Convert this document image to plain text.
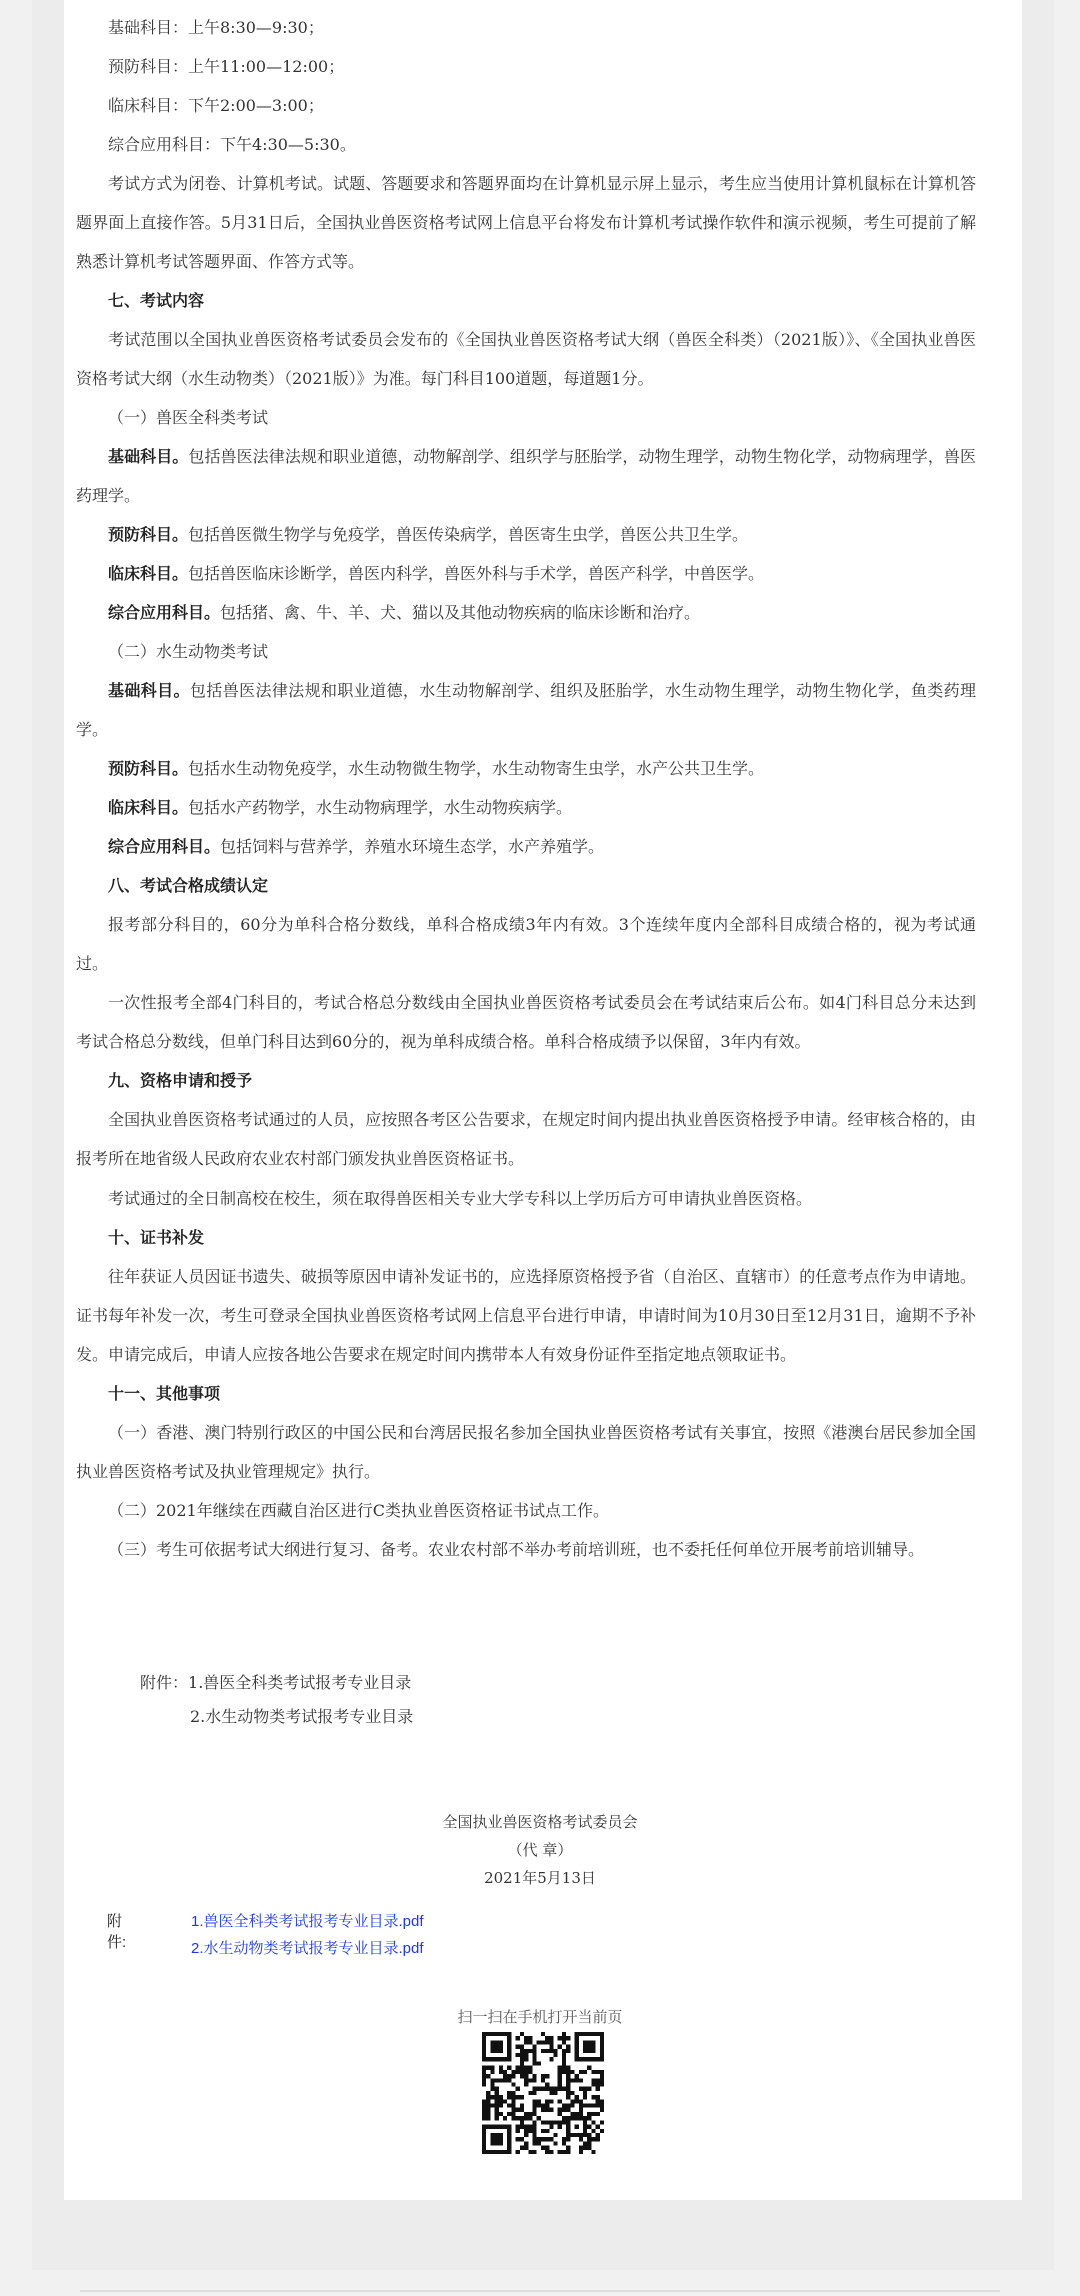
基础科目：上午8:30—9:30；

预防科目：上午11:00—12:00；

临床科目：下午2:00—3:00；

综合应用科目：下午4:30—5:30。

考试方式为闭卷、计算机考试。试题、答题要求和答题界面均在计算机显示屏上显示，考生应当使用计算机鼠标在计算机答题界面上直接作答。5月31日后，全国执业兽医资格考试网上信息平台将发布计算机考试操作软件和演示视频，考生可提前了解熟悉计算机考试答题界面、作答方式等。

七、考试内容

考试范围以全国执业兽医资格考试委员会发布的《全国执业兽医资格考试大纲（兽医全科类）（2021版）》、《全国执业兽医资格考试大纲（水生动物类）（2021版）》为准。每门科目100道题，每道题1分。

（一）兽医全科类考试

基础科目。包括兽医法律法规和职业道德，动物解剖学、组织学与胚胎学，动物生理学，动物生物化学，动物病理学，兽医药理学。

预防科目。包括兽医微生物学与免疫学，兽医传染病学，兽医寄生虫学，兽医公共卫生学。

临床科目。包括兽医临床诊断学，兽医内科学，兽医外科与手术学，兽医产科学，中兽医学。

综合应用科目。包括猪、禽、牛、羊、犬、猫以及其他动物疾病的临床诊断和治疗。

（二）水生动物类考试

基础科目。包括兽医法律法规和职业道德，水生动物解剖学、组织及胚胎学，水生动物生理学，动物生物化学，鱼类药理学。

预防科目。包括水生动物免疫学，水生动物微生物学，水生动物寄生虫学，水产公共卫生学。

临床科目。包括水产药物学，水生动物病理学，水生动物疾病学。

综合应用科目。包括饲料与营养学，养殖水环境生态学，水产养殖学。

八、考试合格成绩认定

报考部分科目的，60分为单科合格分数线，单科合格成绩3年内有效。3个连续年度内全部科目成绩合格的，视为考试通过。

一次性报考全部4门科目的，考试合格总分数线由全国执业兽医资格考试委员会在考试结束后公布。如4门科目总分未达到考试合格总分数线，但单门科目达到60分的，视为单科成绩合格。单科合格成绩予以保留，3年内有效。

九、资格申请和授予

全国执业兽医资格考试通过的人员，应按照各考区公告要求，在规定时间内提出执业兽医资格授予申请。经审核合格的，由报考所在地省级人民政府农业农村部门颁发执业兽医资格证书。

考试通过的全日制高校在校生，须在取得兽医相关专业大学专科以上学历后方可申请执业兽医资格。

十、证书补发

往年获证人员因证书遗失、破损等原因申请补发证书的，应选择原资格授予省（自治区、直辖市）的任意考点作为申请地。证书每年补发一次，考生可登录全国执业兽医资格考试网上信息平台进行申请，申请时间为10月30日至12月31日，逾期不予补发。申请完成后，申请人应按各地公告要求在规定时间内携带本人有效身份证件至指定地点领取证书。

十一、其他事项

（一）香港、澳门特别行政区的中国公民和台湾居民报名参加全国执业兽医资格考试有关事宜，按照《港澳台居民参加全国执业兽医资格考试及执业管理规定》执行。

（二）2021年继续在西藏自治区进行C类执业兽医资格证书试点工作。

（三）考生可依据考试大纲进行复习、备考。农业农村部不举办考前培训班，也不委托任何单位开展考前培训辅导。

附件：1.兽医全科类考试报考专业目录
2.水生动物类考试报考专业目录
全国执业兽医资格考试委员会
（代 章）
2021年5月13日
附件:
1.兽医全科类考试报考专业目录.pdf
2.水生动物类考试报考专业目录.pdf
扫一扫在手机打开当前页
